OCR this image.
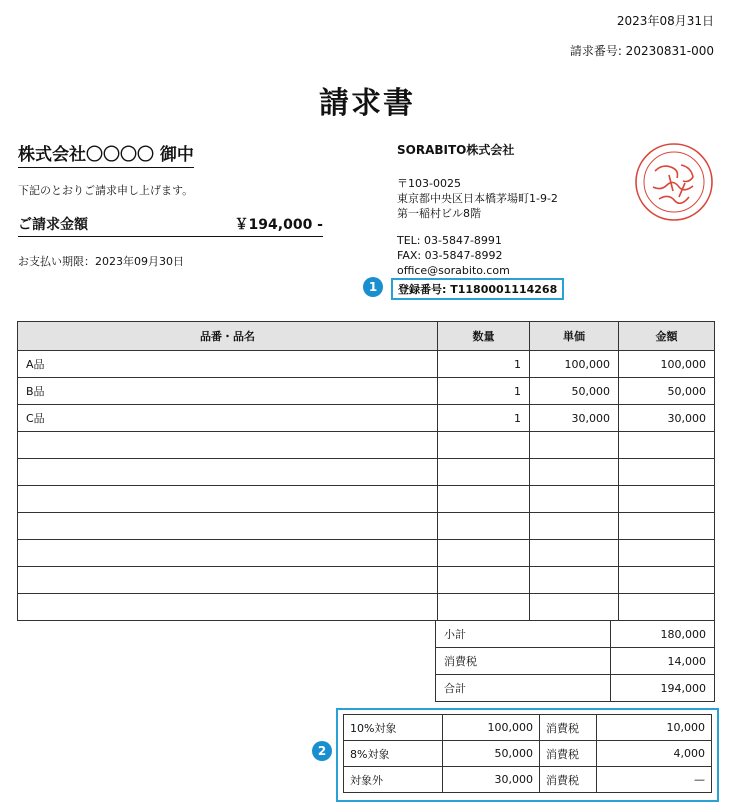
2023年08月31日
請求番号: 20230831-000
請求書
株式会社〇〇〇〇 御中
下記のとおりご請求申し上げます。
ご請求金額	￥194,000 -
お支払い期限：2023年09月30日
SORABITO株式会社
〒103-0025
東京都中央区日本橋茅場町1-9-2
第一稲村ビル8階
TEL: 03-5847-8991
FAX: 03-5847-8992
office@sorabito.com
登録番号: T1180001114268
1
品番・品名	数量	単価	金額
A品	1	100,000	100,000
B品	1	50,000	50,000
C品	1	30,000	30,000

小計	180,000
消費税	14,000
合計	194,000
2
10%対象	100,000	消費税	10,000
8%対象	50,000	消費税	4,000
対象外	30,000	消費税	—
